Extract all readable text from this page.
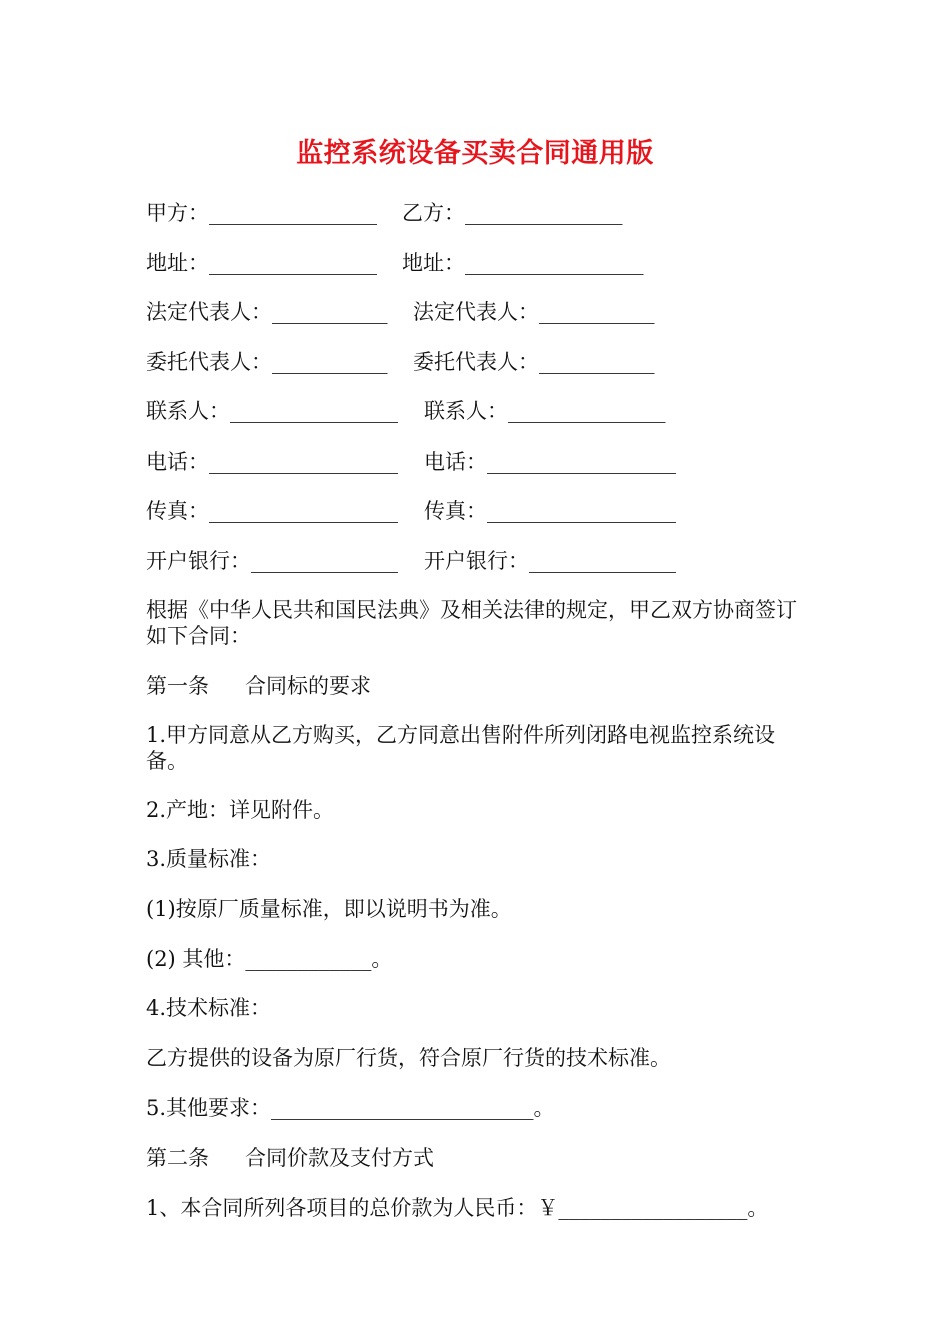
监控系统设备买卖合同通用版
甲方：________________ 乙方：_______________
地址：________________ 地址：_________________
法定代表人：___________ 法定代表人：___________
委托代表人：___________ 委托代表人：___________
联系人：________________ 联系人：_______________
电话：__________________ 电话：__________________
传真：__________________ 传真：__________________
开户银行：______________ 开户银行：______________
根据《中华人民共和国民法典》及相关法律的规定，甲乙双方协商签订如下合同：
第一条 合同标的要求
1.甲方同意从乙方购买，乙方同意出售附件所列闭路电视监控系统设备。
2.产地：详见附件。
3.质量标准：
(1)按原厂质量标准，即以说明书为准。
(2) 其他：____________。
4.技术标准：
乙方提供的设备为原厂行货，符合原厂行货的技术标准。
5.其他要求：_________________________。
第二条 合同价款及支付方式
1、本合同所列各项目的总价款为人民币：￥__________________。
